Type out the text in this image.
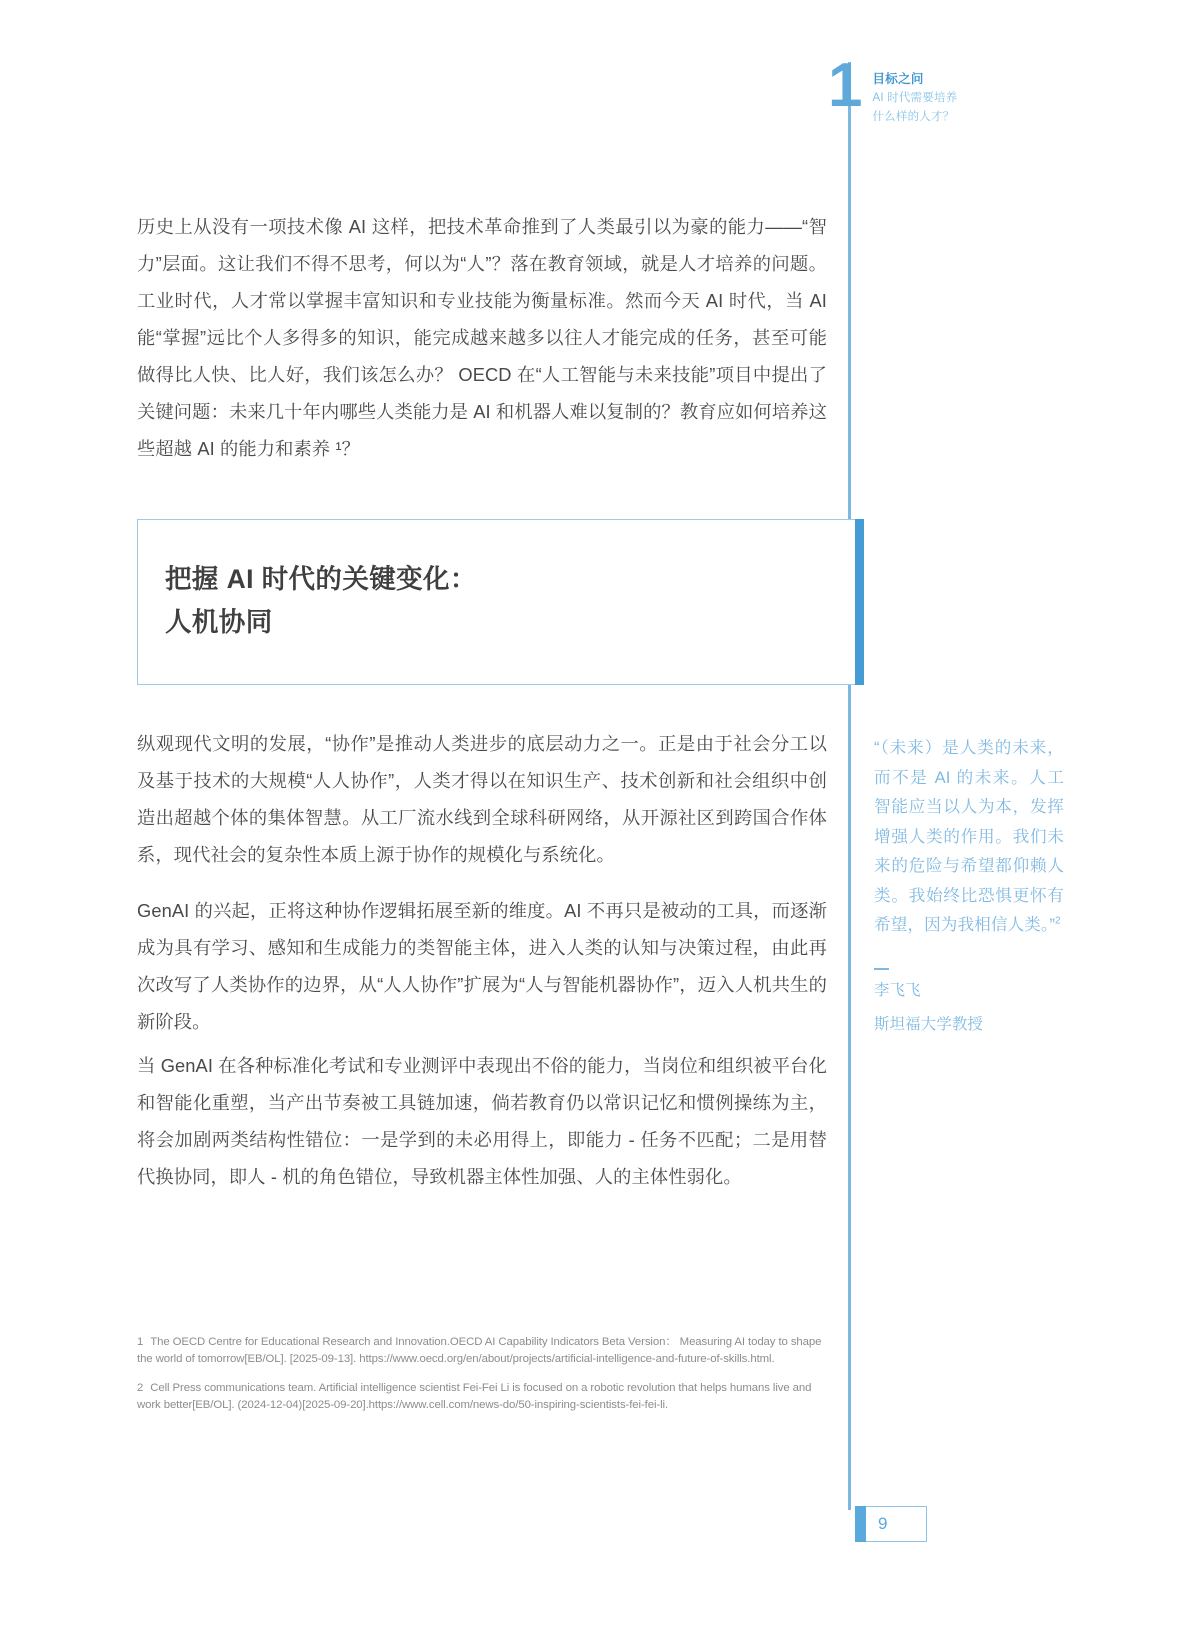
1 目标之问
AI 时代需要培养
什么样的人才？

历史上从没有一项技术像 AI 这样，把技术革命推到了人类最引以为豪的能力——“智力”层面。这让我们不得不思考，何以为“人”？落在教育领域，就是人才培养的问题。工业时代，人才常以掌握丰富知识和专业技能为衡量标准。然而今天 AI 时代，当 AI 能“掌握”远比个人多得多的知识，能完成越来越多以往人才能完成的任务，甚至可能做得比人快、比人好，我们该怎么办？ OECD 在“人工智能与未来技能”项目中提出了关键问题：未来几十年内哪些人类能力是 AI 和机器人难以复制的？教育应如何培养这些超越 AI 的能力和素养 ¹？

纵观现代文明的发展，“协作”是推动人类进步的底层动力之一。正是由于社会分工以及基于技术的大规模“人人协作”，人类才得以在知识生产、技术创新和社会组织中创造出超越个体的集体智慧。从工厂流水线到全球科研网络，从开源社区到跨国合作体系，现代社会的复杂性本质上源于协作的规模化与系统化。

GenAI 的兴起，正将这种协作逻辑拓展至新的维度。AI 不再只是被动的工具，而逐渐成为具有学习、感知和生成能力的类智能主体，进入人类的认知与决策过程，由此再次改写了人类协作的边界，从“人人协作”扩展为“人与智能机器协作”，迈入人机共生的新阶段。

当 GenAI 在各种标准化考试和专业测评中表现出不俗的能力，当岗位和组织被平台化和智能化重塑，当产出节奏被工具链加速，倘若教育仍以常识记忆和惯例操练为主，将会加剧两类结构性错位：一是学到的未必用得上，即能力 - 任务不匹配；二是用替代换协同，即人 - 机的角色错位，导致机器主体性加强、人的主体性弱化。

把握 AI 时代的关键变化：
人机协同
“（未来）是人类的未来，而不是 AI 的未来。人工智能应当以人为本，发挥增强人类的作用。我们未来的危险与希望都仰赖人类。我始终比恐惧更怀有希望，因为我相信人类。”$^2$
李飞飞
斯坦福大学教授
1 The OECD Centre for Educational Research and Innovation.OECD AI Capability Indicators Beta Version： Measuring AI today to shape the world of tomorrow[EB/OL]. [2025-09-13]. https://www.oecd.org/en/about/projects/artificial-intelligence-and-future-of-skills.html.
2 Cell Press communications team. Artificial intelligence scientist Fei-Fei Li is focused on a robotic revolution that helps humans live and work better[EB/OL]. (2024-12-04)[2025-09-20].https://www.cell.com/news-do/50-inspiring-scientists-fei-fei-li.
9
